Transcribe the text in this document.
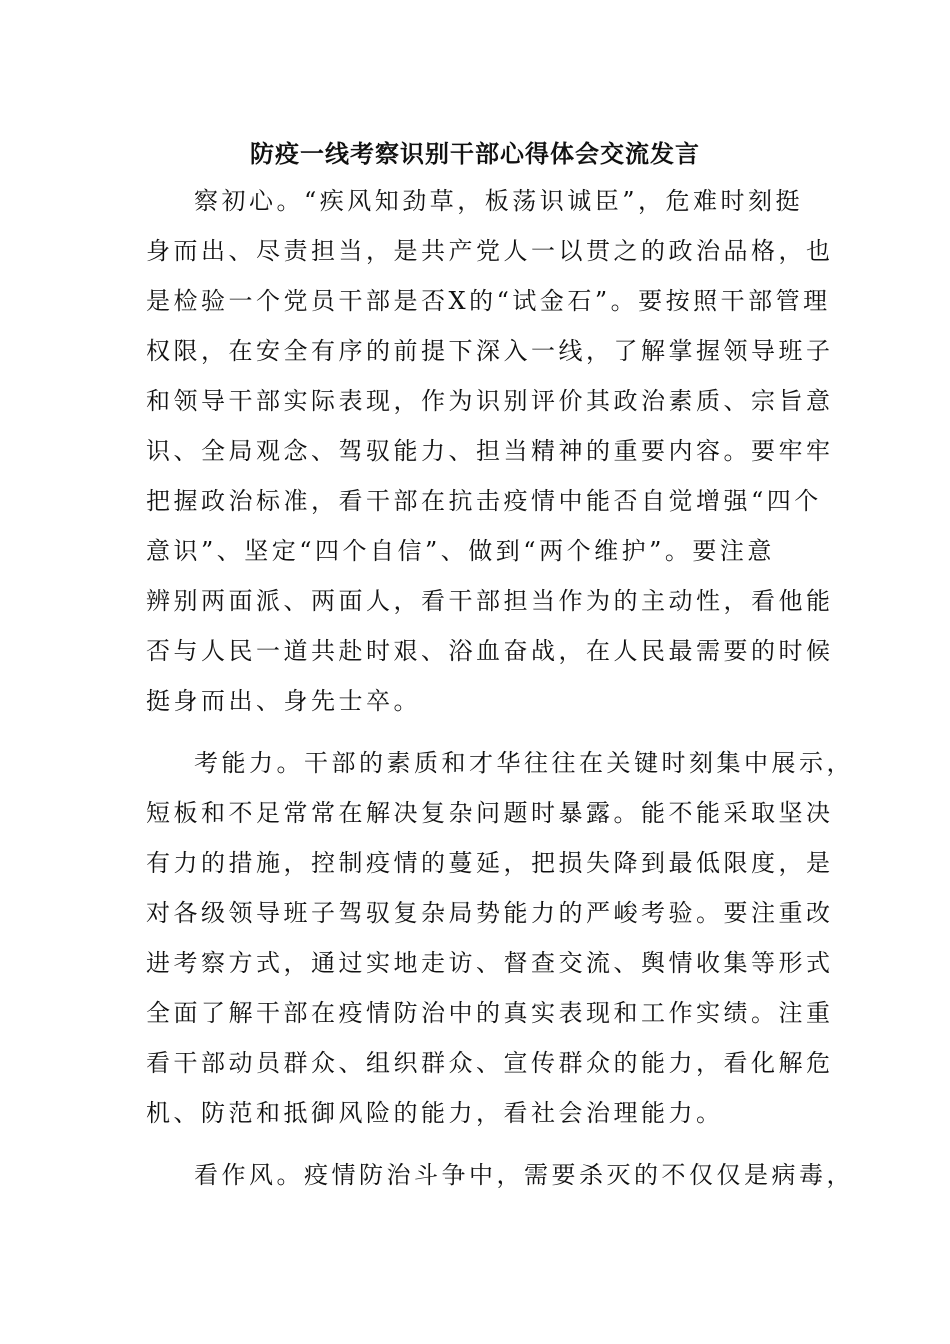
防疫一线考察识别干部心得体会交流发言
察初心。“疾风知劲草，板荡识诚臣”，危难时刻挺
身而出、尽责担当，是共产党人一以贯之的政治品格，也
是检验一个党员干部是否X的“试金石”。要按照干部管理
权限，在安全有序的前提下深入一线，了解掌握领导班子
和领导干部实际表现，作为识别评价其政治素质、宗旨意
识、全局观念、驾驭能力、担当精神的重要内容。要牢牢
把握政治标准，看干部在抗击疫情中能否自觉增强“四个
意识”、坚定“四个自信”、做到“两个维护”。要注意
辨别两面派、两面人，看干部担当作为的主动性，看他能
否与人民一道共赴时艰、浴血奋战，在人民最需要的时候
挺身而出、身先士卒。
考能力。干部的素质和才华往往在关键时刻集中展示，
短板和不足常常在解决复杂问题时暴露。能不能采取坚决
有力的措施，控制疫情的蔓延，把损失降到最低限度，是
对各级领导班子驾驭复杂局势能力的严峻考验。要注重改
进考察方式，通过实地走访、督查交流、舆情收集等形式
全面了解干部在疫情防治中的真实表现和工作实绩。注重
看干部动员群众、组织群众、宣传群众的能力，看化解危
机、防范和抵御风险的能力，看社会治理能力。
看作风。疫情防治斗争中，需要杀灭的不仅仅是病毒，
